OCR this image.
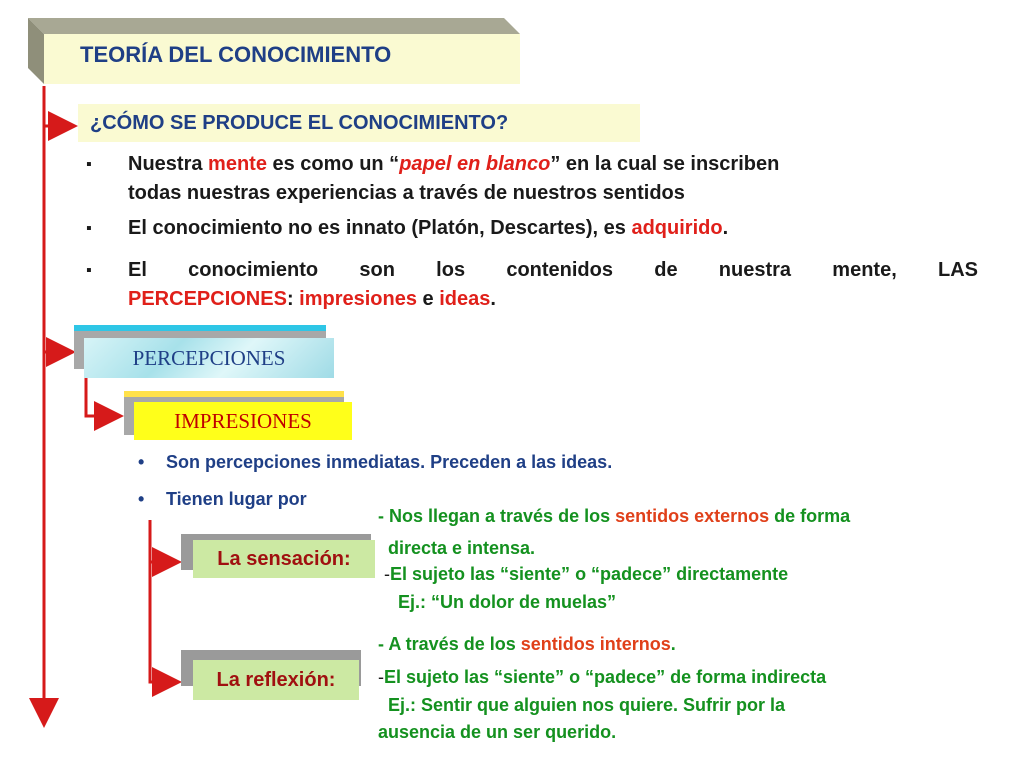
TEORÍA DEL CONOCIMIENTO
¿CÓMO SE PRODUCE EL CONOCIMIENTO?
▪ Nuestra mente es como un “papel en blanco” en la cual se inscriben
todas nuestras experiencias a través de nuestros sentidos
▪ El conocimiento no es innato (Platón, Descartes), es adquirido.
▪ El conocimiento son los contenidos de nuestra mente, LAS
PERCEPCIONES: impresiones e ideas.
PERCEPCIONES
IMPRESIONES
• Son percepciones inmediatas. Preceden a las ideas.
• Tienen lugar por
La sensación:
- Nos llegan a través de los sentidos externos de forma
directa e intensa.
-El sujeto las “siente” o “padece” directamente
Ej.: “Un dolor de muelas”
La reflexión:
- A través de los sentidos internos.
-El sujeto las “siente” o “padece” de forma indirecta
Ej.: Sentir que alguien nos quiere. Sufrir por la
ausencia de un ser querido.
